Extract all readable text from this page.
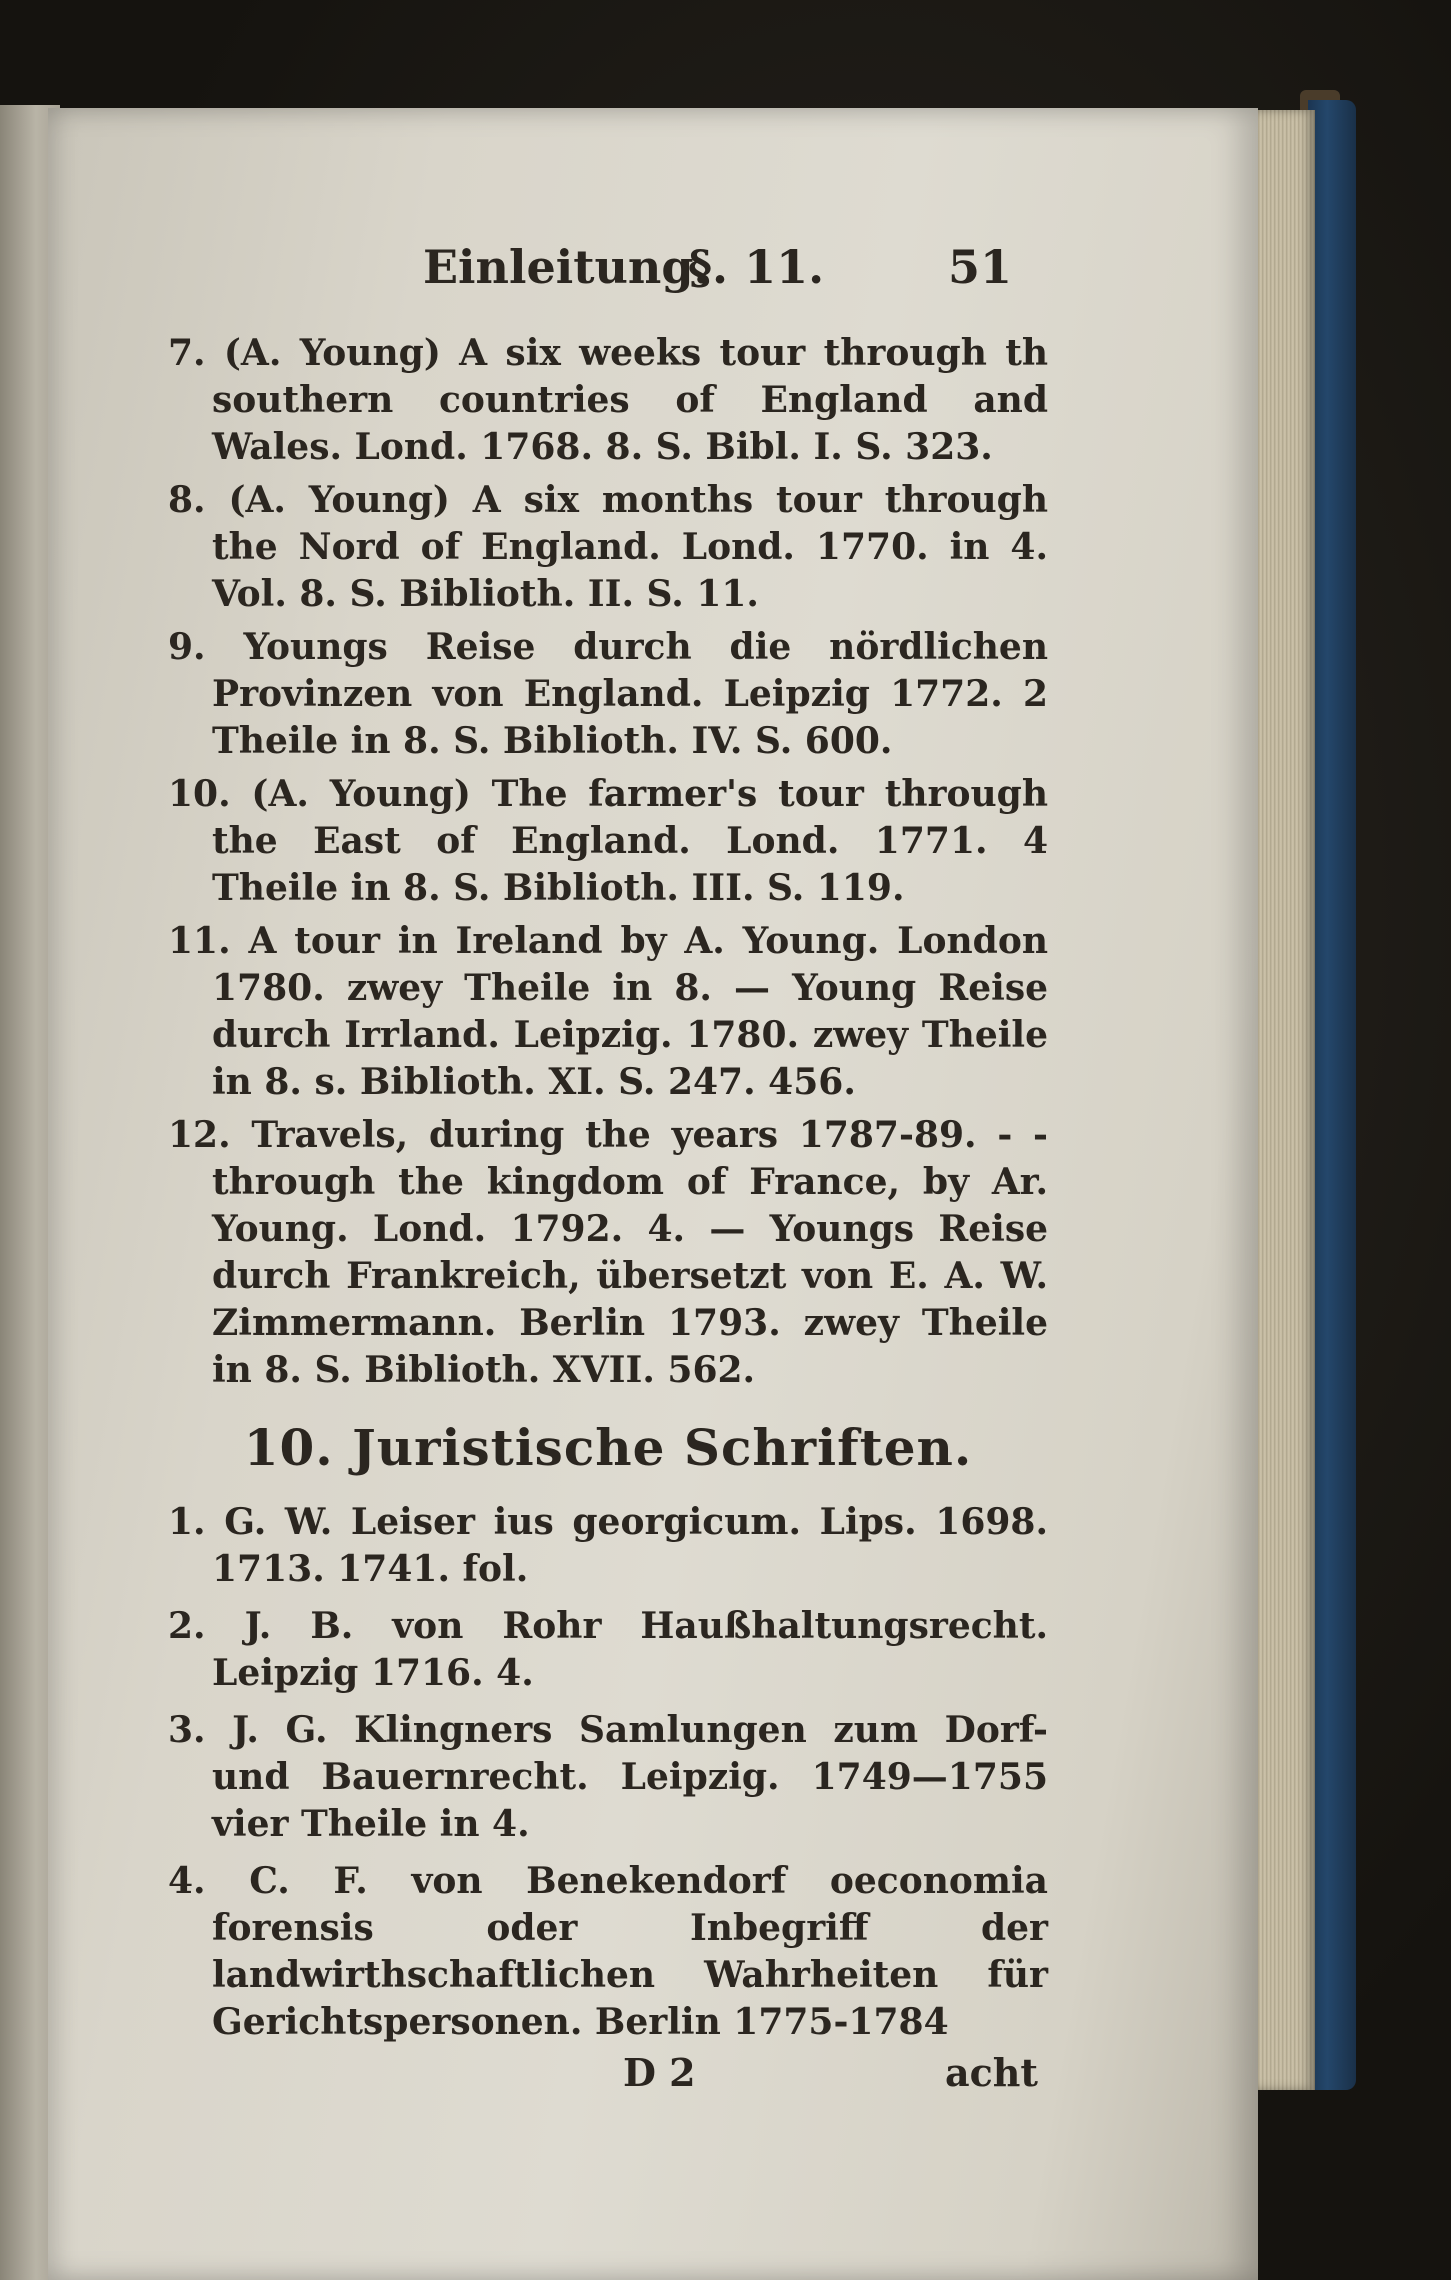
Einleitung.
§. 11.	51

7. (A. Young) A six weeks tour through th southern countries of England and Wales. Lond. 1768. 8. S. Bibl. I. S. 323.

8. (A. Young) A six months tour through the Nord of England. Lond. 1770. in 4. Vol. 8. S. Biblioth. II. S. 11.

9. Youngs Reise durch die nördlichen Provinzen von England. Leipzig 1772. 2 Theile in 8. S. Biblioth. IV. S. 600.

10. (A. Young) The farmer's tour through the East of England. Lond. 1771. 4 Theile in 8. S. Biblioth. III. S. 119.

11. A tour in Ireland by A. Young. London 1780. zwey Theile in 8. — Young Reise durch Irrland. Leipzig. 1780. zwey Theile in 8. s. Biblioth. XI. S. 247. 456.

12. Travels, during the years 1787-89. - - through the kingdom of France, by Ar. Young. Lond. 1792. 4. — Youngs Reise durch Frankreich, übersetzt von E. A. W. Zimmermann. Berlin 1793. zwey Theile in 8. S. Biblioth. XVII. 562.

10. Juristische Schriften.

1. G. W. Leiser ius georgicum. Lips. 1698. 1713. 1741. fol.

2. J. B. von Rohr Haußhaltungsrecht. Leipzig 1716. 4.

3. J. G. Klingners Samlungen zum Dorf- und Bauernrecht. Leipzig. 1749—1755 vier Theile in 4.

4. C. F. von Benekendorf oeconomia forensis oder Inbegriff der landwirthschaftlichen Wahrheiten für Gerichtspersonen. Berlin 1775-1784

D 2	acht
